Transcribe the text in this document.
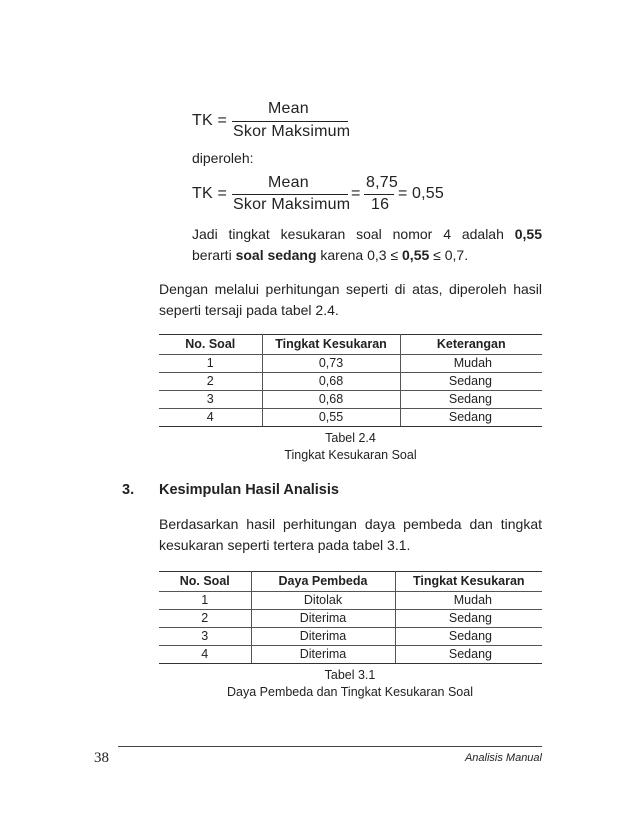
TK =
Mean
Skor Maksimum
diperoleh:
TK =
Mean
Skor Maksimum
=
8,75
16
= 0,55
Jadi tingkat kesukaran soal nomor 4 adalah 0,55
berarti soal sedang karena 0,3 ≤ 0,55 ≤ 0,7.
Dengan melalui perhitungan seperti di atas, diperoleh hasil
seperti tersaji pada tabel 2.4.
No. Soal	Tingkat Kesukaran	Keterangan
1	0,73	Mudah
2	0,68	Sedang
3	0,68	Sedang
4	0,55	Sedang
Tabel 2.4
Tingkat Kesukaran Soal
3. Kesimpulan Hasil Analisis
Berdasarkan hasil perhitungan daya pembeda dan tingkat
kesukaran seperti tertera pada tabel 3.1.
No. Soal	Daya Pembeda	Tingkat Kesukaran
1	Ditolak	Mudah
2	Diterima	Sedang
3	Diterima	Sedang
4	Diterima	Sedang
Tabel 3.1
Daya Pembeda dan Tingkat Kesukaran Soal
38	Analisis Manual
